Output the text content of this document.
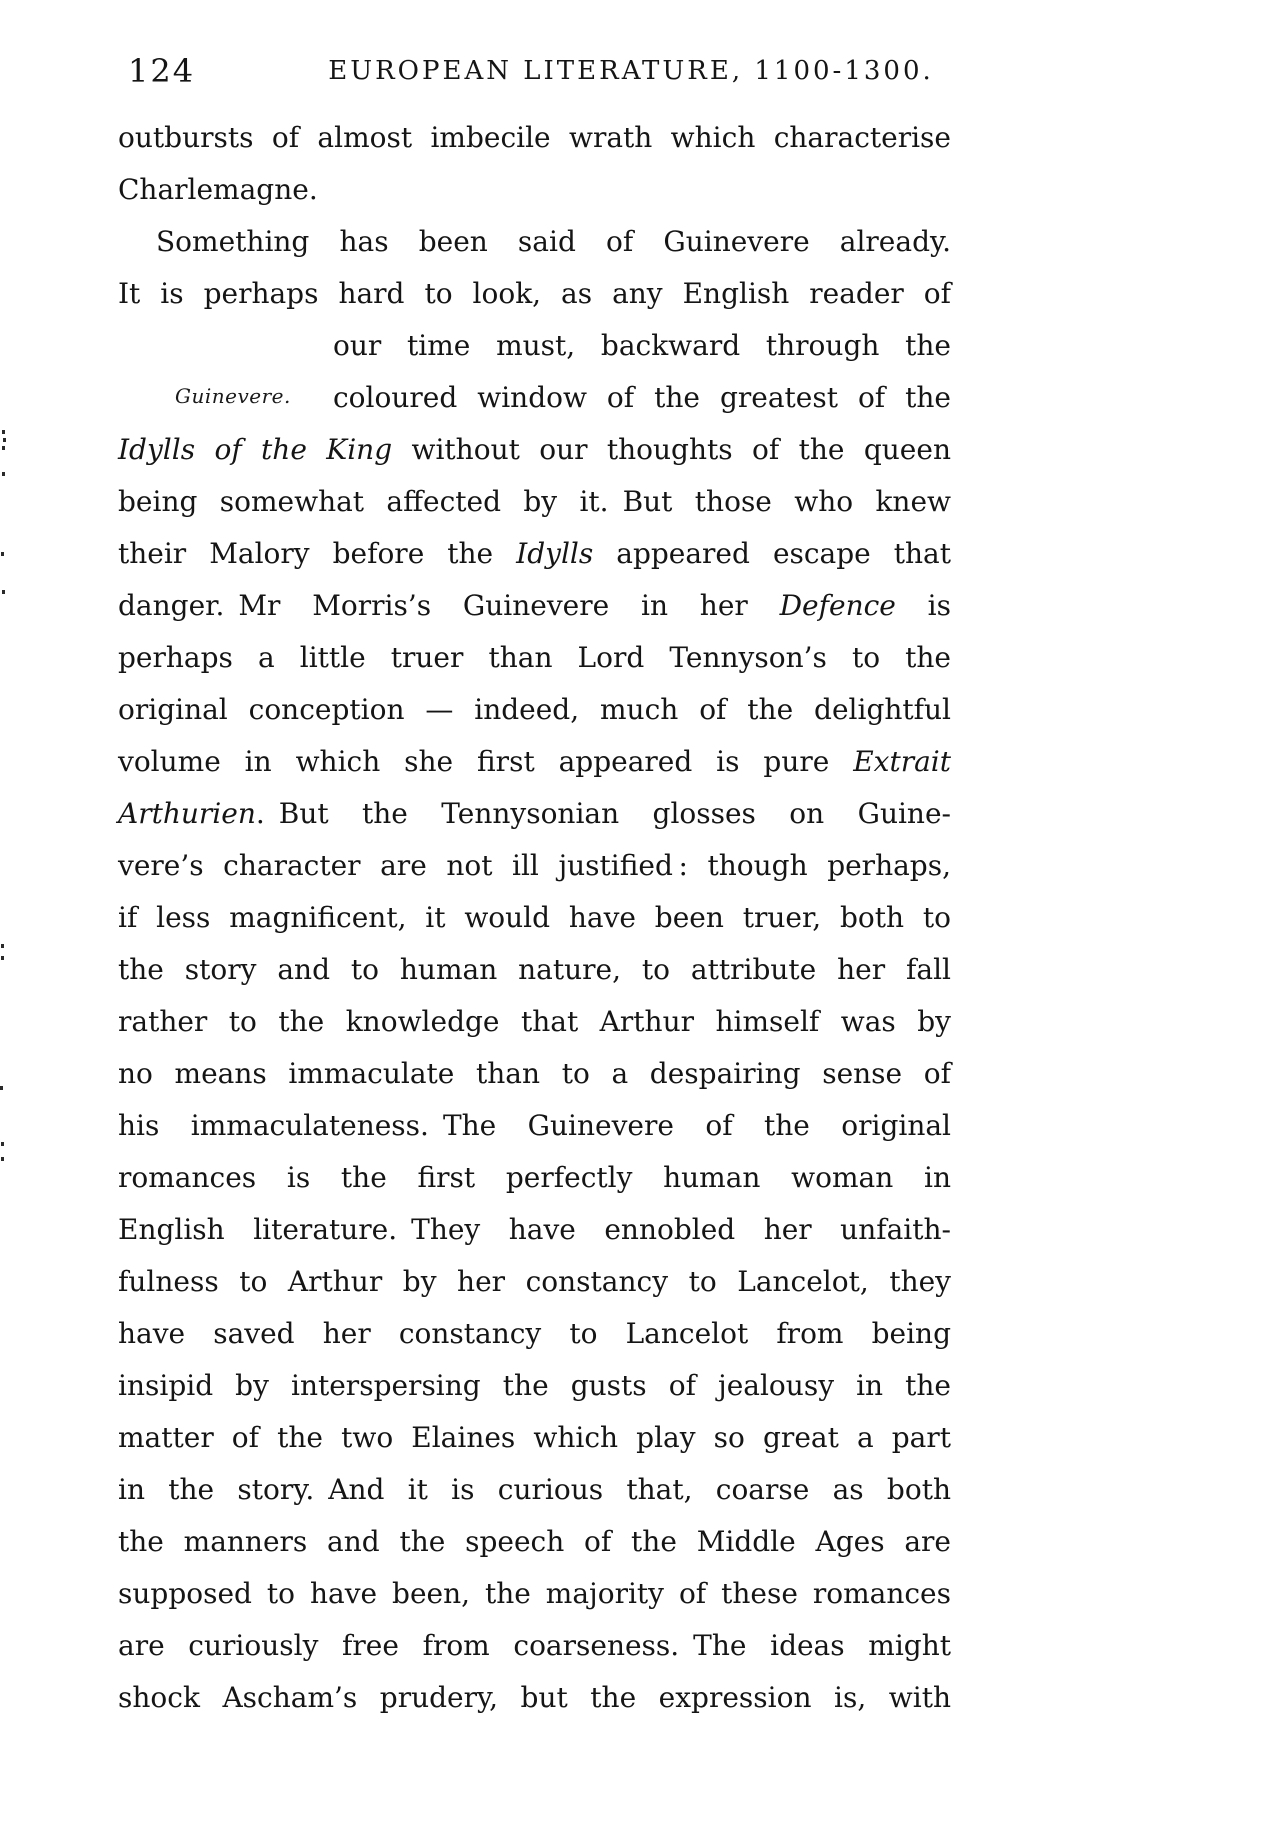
124	EUROPEAN LITERATURE, 1100-1300.
Guinevere.
outbursts of almost imbecile wrath which characterise
Charlemagne.
Something has been said of Guinevere already.
It is perhaps hard to look, as any English reader of
our time must, backward through the
coloured window of the greatest of the
Idylls of the King without our thoughts of the queen
being somewhat affected by it. But those who knew
their Malory before the Idylls appeared escape that
danger. Mr Morris’s Guinevere in her Defence is
perhaps a little truer than Lord Tennyson’s to the
original conception — indeed, much of the delightful
volume in which she first appeared is pure Extrait
Arthurien. But the Tennysonian glosses on Guine-
vere’s character are not ill justified : though perhaps,
if less magnificent, it would have been truer, both to
the story and to human nature, to attribute her fall
rather to the knowledge that Arthur himself was by
no means immaculate than to a despairing sense of
his immaculateness. The Guinevere of the original
romances is the first perfectly human woman in
English literature. They have ennobled her unfaith-
fulness to Arthur by her constancy to Lancelot, they
have saved her constancy to Lancelot from being
insipid by interspersing the gusts of jealousy in the
matter of the two Elaines which play so great a part
in the story. And it is curious that, coarse as both
the manners and the speech of the Middle Ages are
supposed to have been, the majority of these romances
are curiously free from coarseness. The ideas might
shock Ascham’s prudery, but the expression is, with
